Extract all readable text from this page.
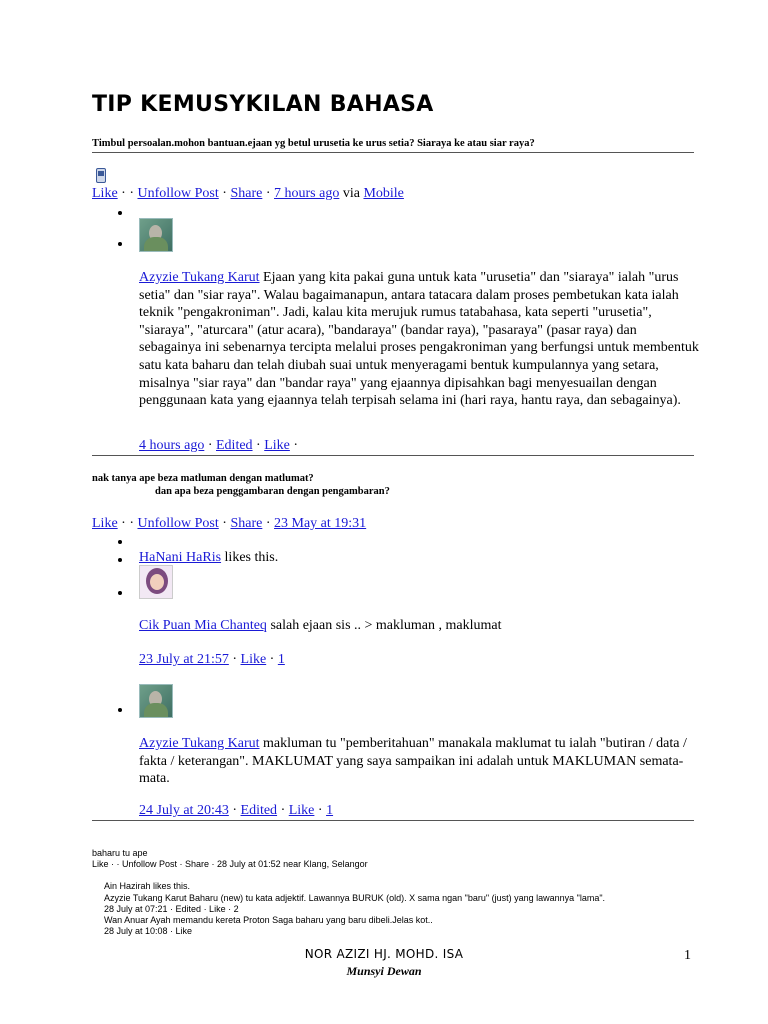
TIP KEMUSYKILAN BAHASA
Timbul persoalan.mohon bantuan.ejaan yg betul urusetia ke urus setia? Siaraya ke atau siar raya?
Like · · Unfollow Post · Share · 7 hours ago via Mobile
Azyzie Tukang Karut Ejaan yang kita pakai guna untuk kata "urusetia" dan "siaraya" ialah "urus setia" dan "siar raya". Walau bagaimanapun, antara tatacara dalam proses pembetukan kata ialah teknik "pengakroniman". Jadi, kalau kita merujuk rumus tatabahasa, kata seperti "urusetia", "siaraya", "aturcara" (atur acara), "bandaraya" (bandar raya), "pasaraya" (pasar raya) dan sebagainya ini sebenarnya tercipta melalui proses pengakroniman yang berfungsi untuk membentuk satu kata baharu dan telah diubah suai untuk menyeragami bentuk kumpulannya yang setara, misalnya "siar raya" dan "bandar raya" yang ejaannya dipisahkan bagi menyesuailan dengan penggunaan kata yang ejaannya telah terpisah selama ini (hari raya, hantu raya, dan sebagainya).
4 hours ago · Edited · Like ·
nak tanya ape beza matluman dengan matlumat?
dan apa beza penggambaran dengan pengambaran?
Like · · Unfollow Post · Share · 23 May at 19:31
HaNani HaRis likes this.
Cik Puan Mia Chanteq salah ejaan sis .. > makluman , maklumat
23 July at 21:57 · Like · 1
Azyzie Tukang Karut makluman tu "pemberitahuan" manakala maklumat tu ialah "butiran / data / fakta / keterangan". MAKLUMAT yang saya sampaikan ini adalah untuk MAKLUMAN semata-mata.
24 July at 20:43 · Edited · Like · 1
baharu tu ape
Like · · Unfollow Post · Share · 28 July at 01:52 near Klang, Selangor
Ain Hazirah likes this.
Azyzie Tukang Karut Baharu (new) tu kata adjektif. Lawannya BURUK (old). X sama ngan "baru" (just) yang lawannya "lama".
28 July at 07:21 · Edited · Like · 2
Wan Anuar Ayah memandu kereta Proton Saga baharu yang baru dibeli.Jelas kot..
28 July at 10:08 · Like
NOR AZIZI HJ. MOHD. ISA
Munsyi Dewan
1
